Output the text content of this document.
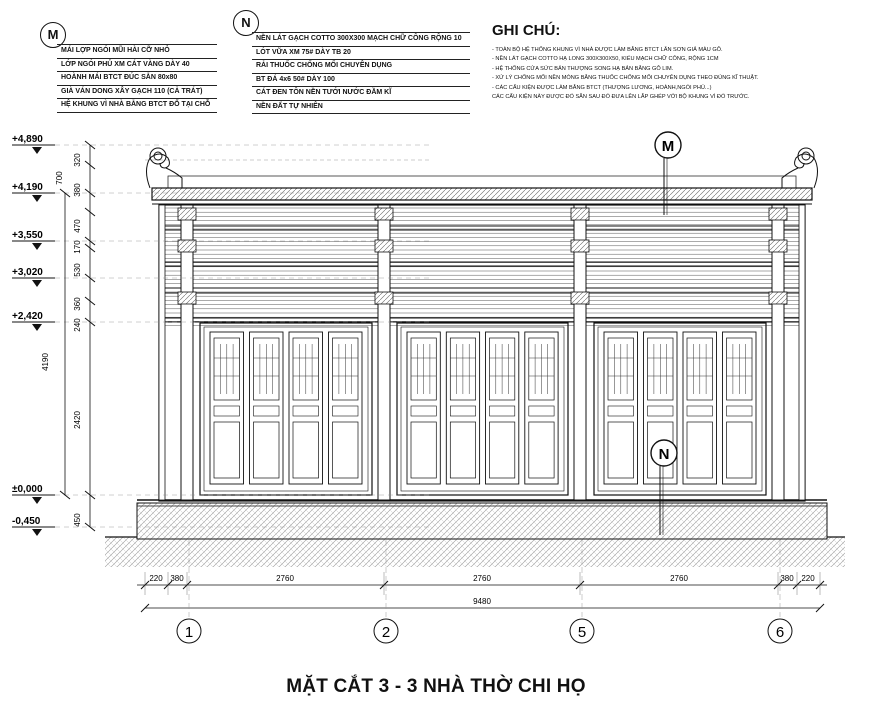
M
MÁI LỢP NGÓI MŨI HÀI CỠ NHỎ
LỚP NGÓI PHỦ XM CÁT VÀNG DÀY 40
HOÀNH MÁI BTCT ĐÚC SẴN 80x80
GIÀ VÁN DONG XÂY GẠCH 110 (CẢ TRÁT)
HỆ KHUNG VÌ NHÀ BẰNG BTCT ĐỔ TẠI CHỖ
N
NỀN LÁT GẠCH COTTO 300X300 MẠCH CHỮ CÔNG RỘNG 10
LÓT VỮA XM 75# DÀY TB 20
RẢI THUỐC CHỐNG MỐI CHUYÊN DỤNG
BT ĐÁ 4x6 50# DÀY 100
CÁT ĐEN TÔN NỀN TƯỚI NƯỚC ĐẦM KĨ
NỀN ĐẤT TỰ NHIÊN
GHI CHÚ:
- TOÀN BỘ HỆ THỐNG KHUNG VÌ NHÀ ĐƯỢC LÀM BẰNG BTCT LĂN SƠN GIẢ MÀU GỖ.
- NỀN LÁT GẠCH COTTO HẠ LONG 300X300X50, KIỂU MẠCH CHỮ CÔNG, RỘNG 1CM
- HỆ THỐNG CỬA SỨC BẢN THƯỢNG SONG HẠ BẢN BẰNG GỖ LIM.
- XỬ LÝ CHỐNG MỐI NỀN MÓNG BẰNG THUỐC CHỐNG MỐI CHUYÊN DỤNG THEO ĐÚNG KĨ THUẬT.
- CÁC CẤU KIỆN ĐƯỢC LÀM BẰNG BTCT (THƯỢNG LƯƠNG, HOÀNH,NGÓI PHỦ...)
CÁC CẤU KIỆN NÀY ĐƯỢC ĐỔ SẴN SAU ĐÓ ĐƯA LÊN LẮP GHÉP VỚI BỘ KHUNG VÌ ĐỔ TRƯỚC.
M
N
+4,890
+4,190
+3,550
+3,020
+2,420
±0,000
-0,450
320
380
700
470
170
530
360
240
4190
2420
450
220 380	2760	2760	2760	380 220
9480
1	2	5	6
MẶT CẮT 3 - 3 NHÀ THỜ CHI HỌ
